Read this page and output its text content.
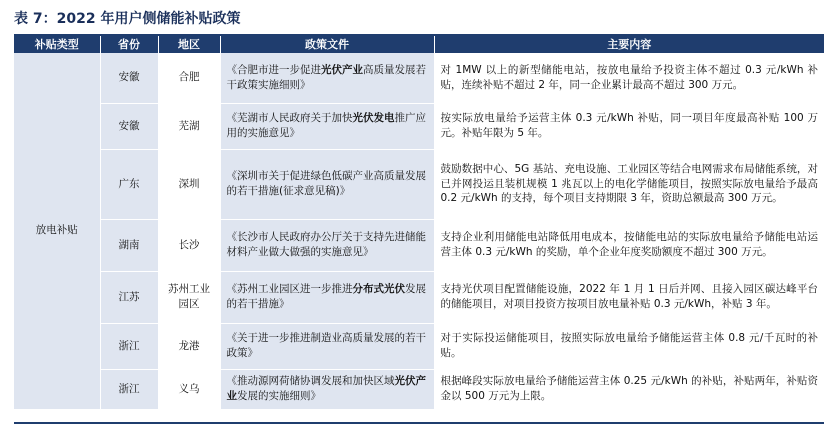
表 7：2022 年用户侧储能补贴政策
补贴类型	省份	地区	政策文件	主要内容
放电补贴	安徽	合肥	《合肥市进一步促进光伏产业高质量发展若干政策实施细则》	对 1MW 以上的新型储能电站，按放电量给予投资主体不超过 0.3 元/kWh 补贴，连续补贴不超过 2 年，同一企业累计最高不超过 300 万元。
	安徽	芜湖	《芜湖市人民政府关于加快光伏发电推广应用的实施意见》	按实际放电量给予运营主体 0.3 元/kWh 补贴，同一项目年度最高补贴 100 万元。补贴年限为 5 年。
	广东	深圳	《深圳市关于促进绿色低碳产业高质量发展的若干措施(征求意见稿)》	鼓励数据中心、5G 基站、充电设施、工业园区等结合电网需求布局储能系统，对已并网投运且装机规模 1 兆瓦以上的电化学储能项目，按照实际放电量给予最高 0.2 元/kWh 的支持，每个项目支持期限 3 年，资助总额最高 300 万元。
	湖南	长沙	《长沙市人民政府办公厅关于支持先进储能材料产业做大做强的实施意见》	支持企业利用储能电站降低用电成本，按储能电站的实际放电量给予储能电站运营主体 0.3 元/kWh 的奖励，单个企业年度奖励额度不超过 300 万元。
	江苏	苏州工业园区	《苏州工业园区进一步推进分布式光伏发展的若干措施》	支持光伏项目配置储能设施，2022 年 1 月 1 日后并网、且接入园区碳达峰平台的储能项目，对项目投资方按项目放电量补贴 0.3 元/kWh，补贴 3 年。
	浙江	龙港	《关于进一步推进制造业高质量发展的若干政策》	对于实际投运储能项目，按照实际放电量给予储能运营主体 0.8 元/千瓦时的补贴。
	浙江	义乌	《推动源网荷储协调发展和加快区域光伏产业发展的实施细则》	根据峰段实际放电量给予储能运营主体 0.25 元/kWh 的补贴，补贴两年，补贴资金以 500 万元为上限。
